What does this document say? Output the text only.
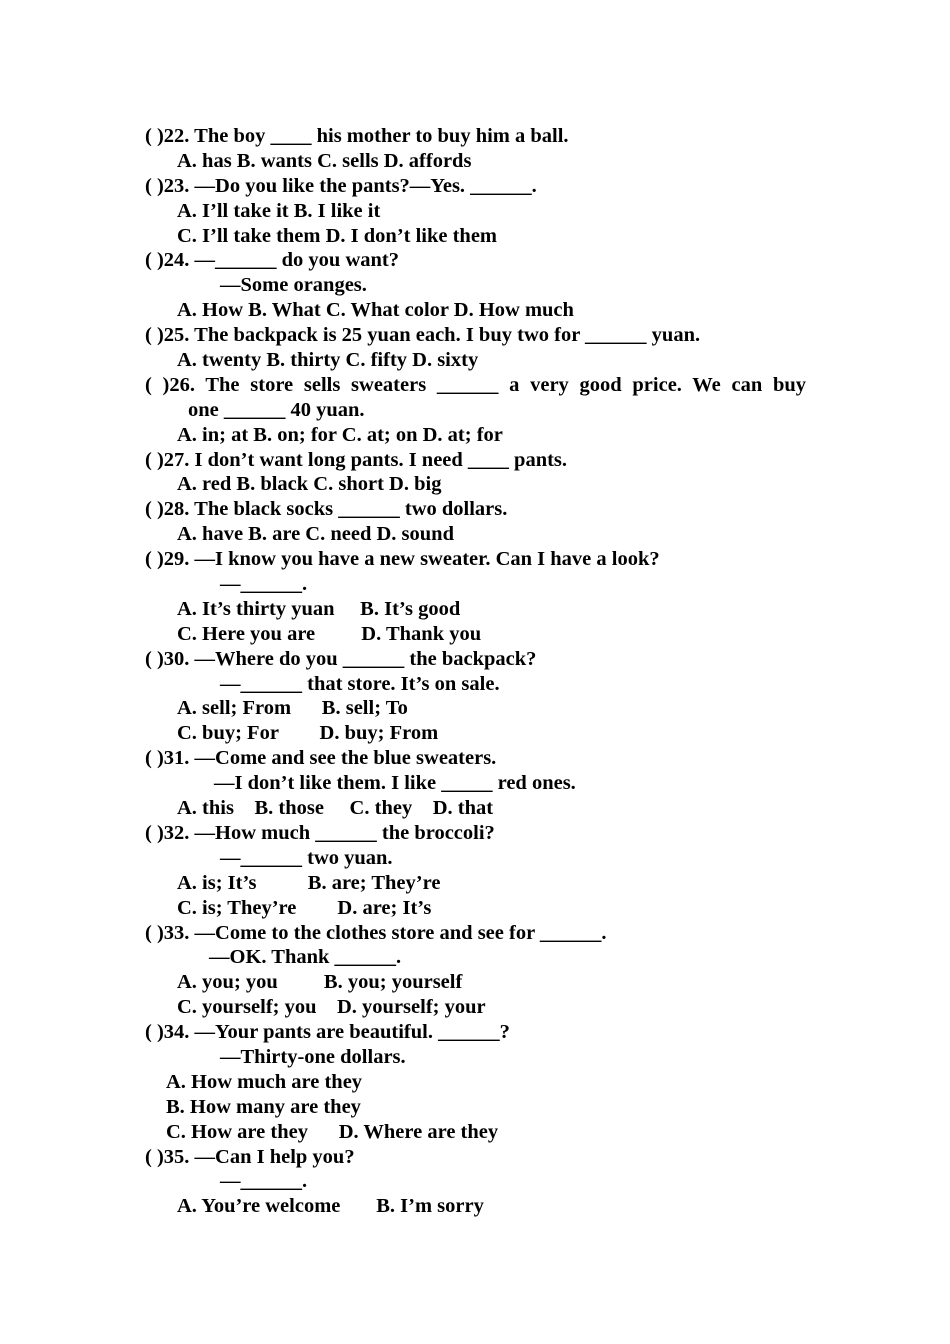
( )22. The boy ____ his mother to buy him a ball.
A. has B. wants C. sells D. affords
( )23. —Do you like the pants?—Yes. ______.
A. I’ll take it B. I like it
C. I’ll take them D. I don’t like them
( )24. —______ do you want?
—Some oranges.
A. How B. What C. What color D. How much
( )25. The backpack is 25 yuan each. I buy two for ______ yuan.
A. twenty B. thirty C. fifty D. sixty
( )26. The store sells sweaters ______ a very good price. We can buy
one ______ 40 yuan.
A. in; at B. on; for C. at; on D. at; for
( )27. I don’t want long pants. I need ____ pants.
A. red B. black C. short D. big
( )28. The black socks ______ two dollars.
A. have B. are C. need D. sound
( )29. —I know you have a new sweater. Can I have a look?
—______.
A. It’s thirty yuan     B. It’s good
C. Here you are         D. Thank you
( )30. —Where do you ______ the backpack?
—______ that store. It’s on sale.
A. sell; From      B. sell; To
C. buy; For        D. buy; From
( )31. —Come and see the blue sweaters.
—I don’t like them. I like _____ red ones.
A. this    B. those     C. they    D. that
( )32. —How much ______ the broccoli?
—______ two yuan.
A. is; It’s          B. are; They’re
C. is; They’re        D. are; It’s
( )33. —Come to the clothes store and see for ______.
—OK. Thank ______.
A. you; you         B. you; yourself
C. yourself; you    D. yourself; your
( )34. —Your pants are beautiful. ______?
—Thirty-one dollars.
A. How much are they
B. How many are they
C. How are they      D. Where are they
( )35. —Can I help you?
—______.
A. You’re welcome       B. I’m sorry
